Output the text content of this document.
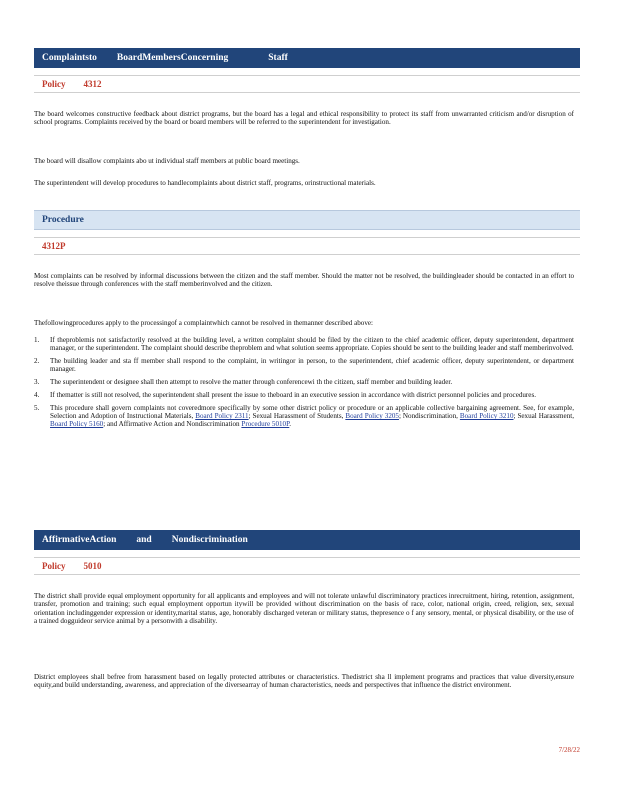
Complaintsto BoardMembersConcerning	Staff
Policy 4312
The board welcomes constructive feedback about district programs, but the board has a legal and ethical responsibility to protect its staff from unwarranted criticism and/or disruption of school programs. Complaints received by the board or board members will be referred to the superintendent for investigation.
The board will disallow complaints abo ut individual staff members at public board meetings.
The superintendent will develop procedures to handlecomplaints about district staff, programs, orinstructional materials.
Procedure
4312P
Most complaints can be resolved by informal discussions between the citizen and the staff member. Should the matter not be resolved, the buildingleader should be contacted in an effort to resolve theissue through conferences with the staff memberinvolved and the citizen.
Thefollowingprocedures apply to the processingof a complaintwhich cannot be resolved in themanner described above:
1.	If theproblemis not satisfactorily resolved at the building level, a written complaint should be filed by the citizen to the chief academic officer, deputy superintendent, department manager, or the superintendent. The complaint should describe theproblem and what solution seems appropriate. Copies should be sent to the building leader and staff memberinvolved.
2.	The building leader and sta ff member shall respond to the complaint, in writingor in person, to the superintendent, chief academic officer, deputy superintendent, or department manager.
3.	The superintendent or designee shall then attempt to resolve the matter through conferencewi th the citizen, staff member and building leader.
4.	If thematter is still not resolved, the superintendent shall present the issue to theboard in an executive session in accordance with district personnel policies and procedures.
5.	This procedure shall govern complaints not coveredmore specifically by some other district policy or procedure or an applicable collective bargaining agreement. See, for example, Selection and Adoption of Instructional Materials, Board Policy 2311; Sexual Harassment of Students, Board Policy 3205; Nondiscrimination, Board Policy 3210; Sexual Harassment, Board Policy 5160; and Affirmative Action and Nondiscrimination Procedure 5010P.
AffirmativeAction and Nondiscrimination
Policy 5010
The district shall provide equal employment opportunity for all applicants and employees and will not tolerate unlawful discriminatory practices inrecruitment, hiring, retention, assignment, transfer, promotion and training; such equal employment opportun itywill be provided without discrimination on the basis of race, color, national origin, creed, religion, sex, sexual orientation includinggender expression or identity,marital status, age, honorably discharged veteran or military status, thepresence o f any sensory, mental, or physical disability, or the use of a trained dogguideor service animal by a personwith a disability.
District employees shall befree from harassment based on legally protected attributes or characteristics. Thedistrict sha ll implement programs and practices that value diversity,ensure equity,and build understanding, awareness, and appreciation of the diversearray of human characteristics, needs and perspectives that influence the district environment.
7/28/22
